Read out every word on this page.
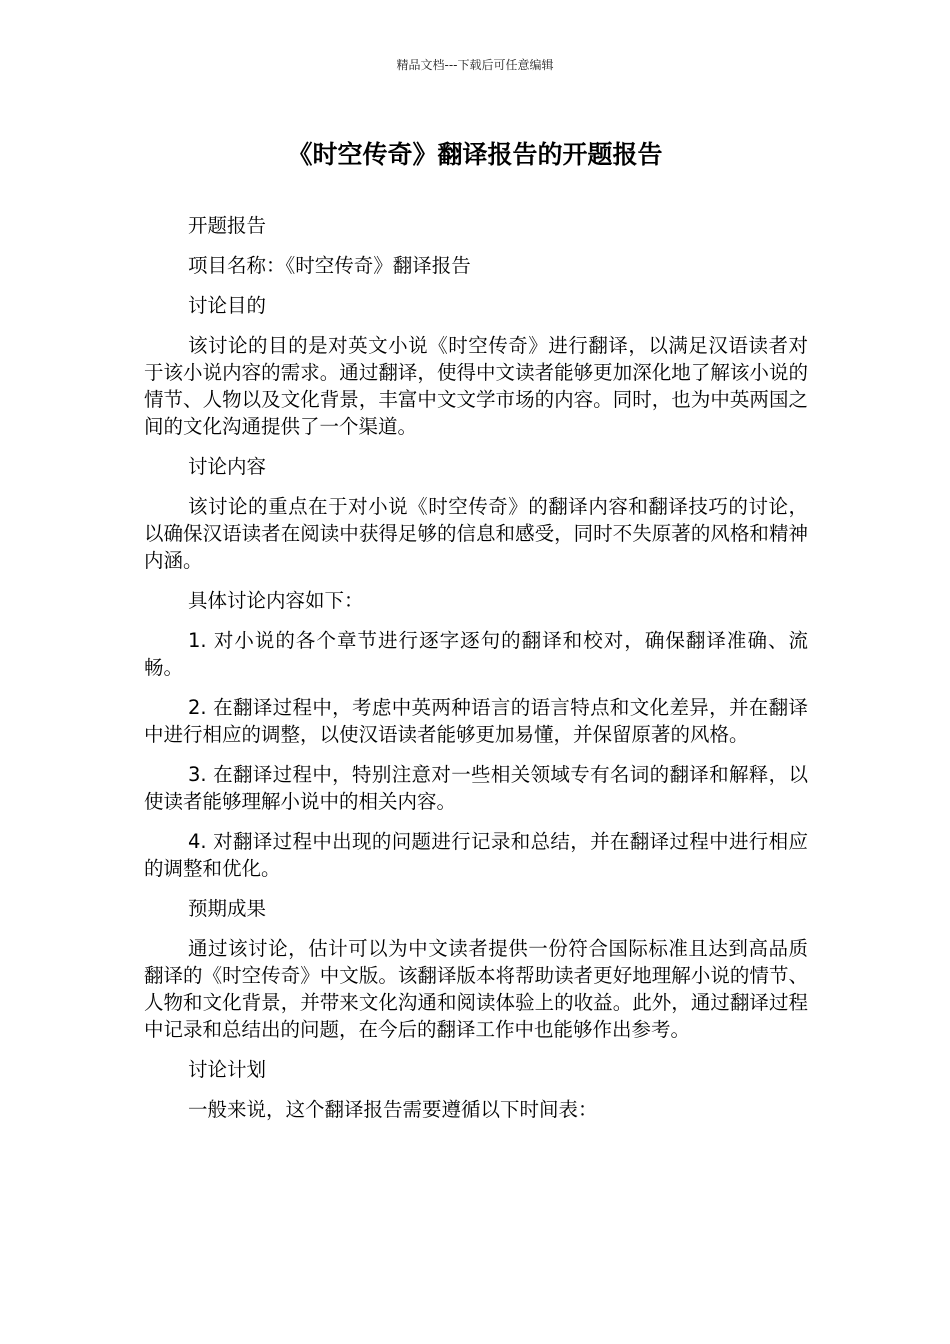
精品文档---下载后可任意编辑
《时空传奇》翻译报告的开题报告

开题报告

项目名称：《时空传奇》翻译报告

讨论目的

该讨论的目的是对英文小说《时空传奇》进行翻译，以满足汉语读者对于该小说内容的需求。通过翻译，使得中文读者能够更加深化地了解该小说的情节、人物以及文化背景，丰富中文文学市场的内容。同时，也为中英两国之间的文化沟通提供了一个渠道。

讨论内容

该讨论的重点在于对小说《时空传奇》的翻译内容和翻译技巧的讨论，以确保汉语读者在阅读中获得足够的信息和感受，同时不失原著的风格和精神内涵。

具体讨论内容如下：

1. 对小说的各个章节进行逐字逐句的翻译和校对，确保翻译准确、流畅。

2. 在翻译过程中，考虑中英两种语言的语言特点和文化差异，并在翻译中进行相应的调整，以使汉语读者能够更加易懂，并保留原著的风格。

3. 在翻译过程中，特别注意对一些相关领域专有名词的翻译和解释，以使读者能够理解小说中的相关内容。

4. 对翻译过程中出现的问题进行记录和总结，并在翻译过程中进行相应的调整和优化。

预期成果

通过该讨论，估计可以为中文读者提供一份符合国际标准且达到高品质翻译的《时空传奇》中文版。该翻译版本将帮助读者更好地理解小说的情节、人物和文化背景，并带来文化沟通和阅读体验上的收益。此外，通过翻译过程中记录和总结出的问题，在今后的翻译工作中也能够作出参考。

讨论计划

一般来说，这个翻译报告需要遵循以下时间表：
